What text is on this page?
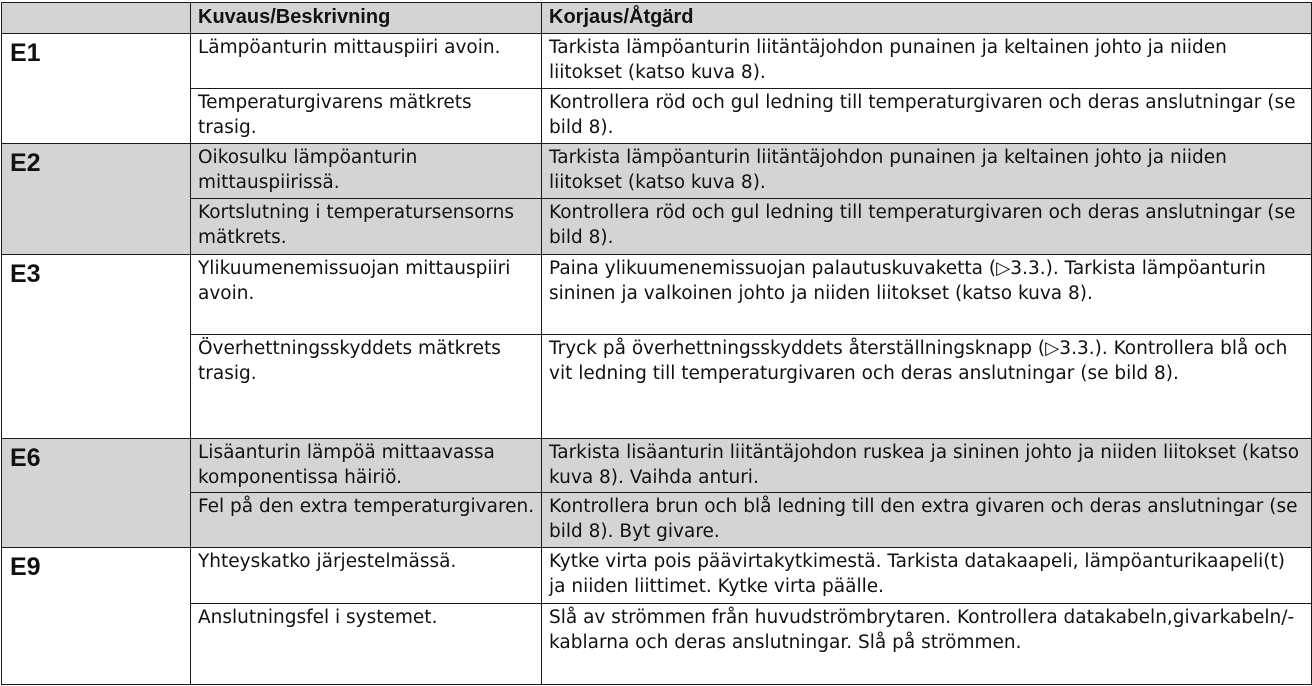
	Kuvaus/Beskrivning	Korjaus/Åtgärd
E1	Lämpöanturin mittauspiiri avoin.	Tarkista lämpöanturin liitäntäjohdon punainen ja keltainen johto ja niiden liitokset (katso kuva 8).
	Temperaturgivarens mätkrets trasig.	Kontrollera röd och gul ledning till temperaturgivaren och deras anslutningar (se bild 8).
E2	Oikosulku lämpöanturin mittauspiirissä.	Tarkista lämpöanturin liitäntäjohdon punainen ja keltainen johto ja niiden liitokset (katso kuva 8).
	Kortslutning i temperatursensorns mätkrets.	Kontrollera röd och gul ledning till temperaturgivaren och deras anslutningar (se bild 8).
E3	Ylikuumenemissuojan mittauspiiri avoin.	Paina ylikuumenemissuojan palautuskuvaketta (▷3.3.). Tarkista lämpöanturin sininen ja valkoinen johto ja niiden liitokset (katso kuva 8).
	Överhettningsskyddets mätkrets trasig.	Tryck på överhettningsskyddets återställningsknapp (▷3.3.). Kontrollera blå och vit ledning till temperaturgivaren och deras anslutningar (se bild 8).
E6	Lisäanturin lämpöä mittaavassa komponentissa häiriö.	Tarkista lisäanturin liitäntäjohdon ruskea ja sininen johto ja niiden liitokset (katso kuva 8). Vaihda anturi.
	Fel på den extra temperaturgivaren.	Kontrollera brun och blå ledning till den extra givaren och deras anslutningar (se bild 8). Byt givare.
E9	Yhteyskatko järjestelmässä.	Kytke virta pois päävirtakytkimestä. Tarkista datakaapeli, lämpöanturikaapeli(t) ja niiden liittimet. Kytke virta päälle.
	Anslutningsfel i systemet.	Slå av strömmen från huvudströmbrytaren. Kontrollera datakabeln,givarkabeln/-kablarna och deras anslutningar. Slå på strömmen.
